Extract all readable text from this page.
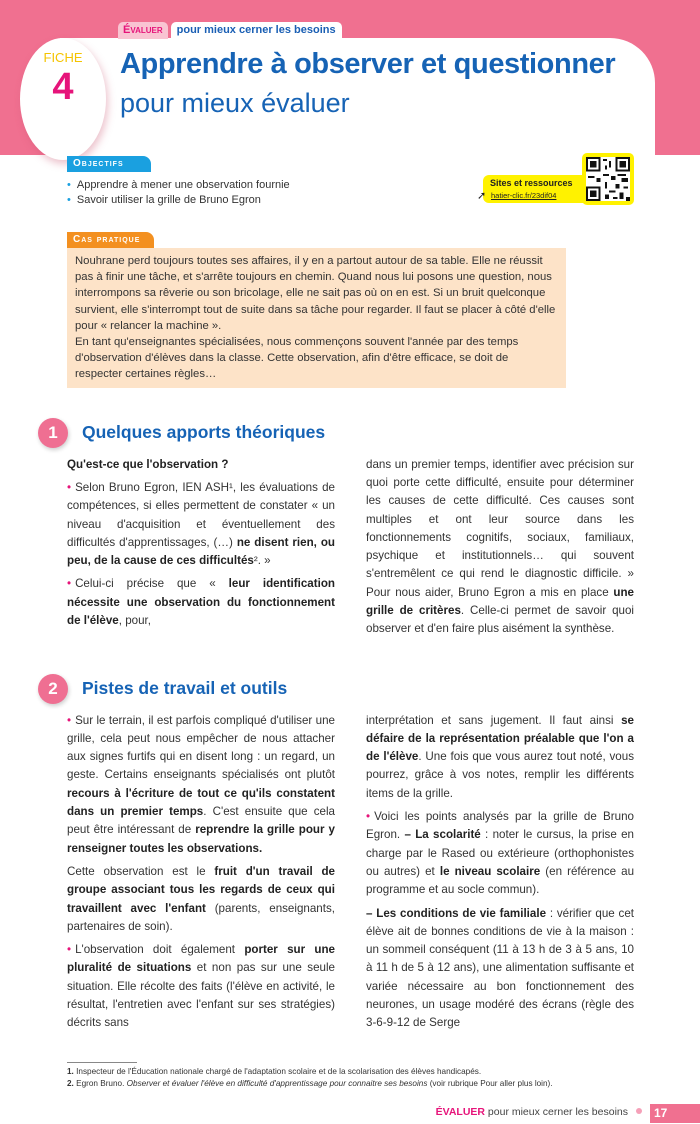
Évaluer	pour mieux cerner les besoins
FICHE
4
Apprendre à observer et questionner
pour mieux évaluer
Objectifs
• Apprendre à mener une observation fournie
• Savoir utiliser la grille de Bruno Egron
Sites et ressources
➚ hatier-clic.fr/23dif04
Cas pratique

Nouhrane perd toujours toutes ses affaires, il y en a partout autour de sa table. Elle ne réussit pas à finir une tâche, et s'arrête toujours en chemin. Quand nous lui posons une question, nous interrompons sa rêverie ou son bricolage, elle ne sait pas où on en est. Si un bruit quelconque survient, elle s'interrompt tout de suite dans sa tâche pour regarder. Il faut se placer à côté d'elle pour « relancer la machine ».

En tant qu'enseignantes spécialisées, nous commençons souvent l'année par des temps d'observation d'élèves dans la classe. Cette observation, afin d'être efficace, se doit de respecter certaines règles…

1	Quelques apports théoriques

Qu'est-ce que l'observation ?

• Selon Bruno Egron, IEN ASH¹, les évaluations de compétences, si elles permettent de constater « un niveau d'acquisition et éventuellement des difficultés d'apprentissages, (…) ne disent rien, ou peu, de la cause de ces difficultés². »

• Celui-ci précise que « leur identification nécessite une observation du fonctionnement de l'élève, pour,

dans un premier temps, identifier avec précision sur quoi porte cette difficulté, ensuite pour déterminer les causes de cette difficulté. Ces causes sont multiples et ont leur source dans les fonctionnements cognitifs, sociaux, familiaux, psychique et institutionnels… qui souvent s'entremêlent ce qui rend le diagnostic difficile. » Pour nous aider, Bruno Egron a mis en place une grille de critères. Celle-ci permet de savoir quoi observer et d'en faire plus aisément la synthèse.

2	Pistes de travail et outils

• Sur le terrain, il est parfois compliqué d'utiliser une grille, cela peut nous empêcher de nous attacher aux signes furtifs qui en disent long : un regard, un geste. Certains enseignants spécialisés ont plutôt recours à l'écriture de tout ce qu'ils constatent dans un premier temps. C'est ensuite que cela peut être intéressant de reprendre la grille pour y renseigner toutes les observations.

Cette observation est le fruit d'un travail de groupe associant tous les regards de ceux qui travaillent avec l'enfant (parents, enseignants, partenaires de soin).

• L'observation doit également porter sur une pluralité de situations et non pas sur une seule situation. Elle récolte des faits (l'élève en activité, le résultat, l'entretien avec l'enfant sur ses stratégies) décrits sans

interprétation et sans jugement. Il faut ainsi se défaire de la représentation préalable que l'on a de l'élève. Une fois que vous aurez tout noté, vous pourrez, grâce à vos notes, remplir les différents items de la grille.

• Voici les points analysés par la grille de Bruno Egron. – La scolarité : noter le cursus, la prise en charge par le Rased ou extérieure (orthophonistes ou autres) et le niveau scolaire (en référence au programme et au socle commun).

– Les conditions de vie familiale : vérifier que cet élève ait de bonnes conditions de vie à la maison : un sommeil conséquent (11 à 13 h de 3 à 5 ans, 10 à 11 h de 5 à 12 ans), une alimentation suffisante et variée nécessaire au bon fonctionnement des neurones, un usage modéré des écrans (règle des 3-6-9-12 de Serge

1. Inspecteur de l'Éducation nationale chargé de l'adaptation scolaire et de la scolarisation des élèves handicapés.
2. Egron Bruno. Observer et évaluer l'élève en difficulté d'apprentissage pour connaitre ses besoins (voir rubrique Pour aller plus loin).
ÉVALUER pour mieux cerner les besoins	17
